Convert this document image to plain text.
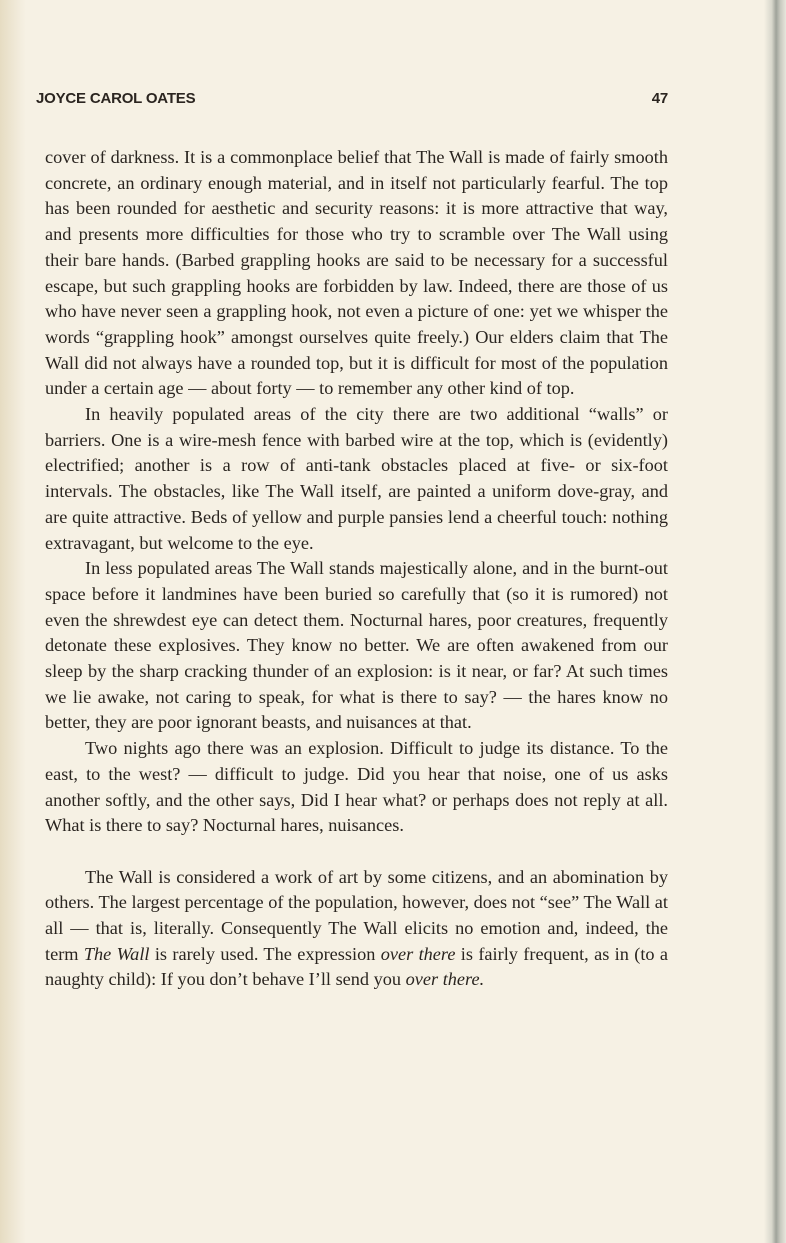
JOYCE CAROL OATES	47

cover of darkness. It is a commonplace belief that The Wall is made of fairly smooth concrete, an ordinary enough material, and in itself not particularly fearful. The top has been rounded for aesthetic and security reasons: it is more attractive that way, and presents more difficulties for those who try to scramble over The Wall using their bare hands. (Barbed grappling hooks are said to be necessary for a successful escape, but such grappling hooks are forbidden by law. Indeed, there are those of us who have never seen a grappling hook, not even a picture of one: yet we whisper the words “grappling hook” amongst ourselves quite freely.) Our elders claim that The Wall did not always have a rounded top, but it is difficult for most of the population under a certain age — about forty — to remember any other kind of top.

In heavily populated areas of the city there are two additional “walls” or barriers. One is a wire-mesh fence with barbed wire at the top, which is (evidently) electrified; another is a row of anti-tank obstacles placed at five- or six-foot intervals. The obstacles, like The Wall itself, are painted a uniform dove-gray, and are quite attractive. Beds of yellow and purple pansies lend a cheerful touch: nothing extravagant, but welcome to the eye.

In less populated areas The Wall stands majestically alone, and in the burnt-out space before it landmines have been buried so carefully that (so it is rumored) not even the shrewdest eye can detect them. Nocturnal hares, poor creatures, frequently detonate these explosives. They know no better. We are often awakened from our sleep by the sharp cracking thunder of an explosion: is it near, or far? At such times we lie awake, not caring to speak, for what is there to say? — the hares know no better, they are poor ignorant beasts, and nuisances at that.

Two nights ago there was an explosion. Difficult to judge its distance. To the east, to the west? — difficult to judge. Did you hear that noise, one of us asks another softly, and the other says, Did I hear what? or perhaps does not reply at all. What is there to say? Nocturnal hares, nuisances.

The Wall is considered a work of art by some citizens, and an abomination by others. The largest percentage of the population, however, does not “see” The Wall at all — that is, literally. Consequently The Wall elicits no emotion and, indeed, the term The Wall is rarely used. The expression over there is fairly frequent, as in (to a naughty child): If you don’t behave I’ll send you over there.
